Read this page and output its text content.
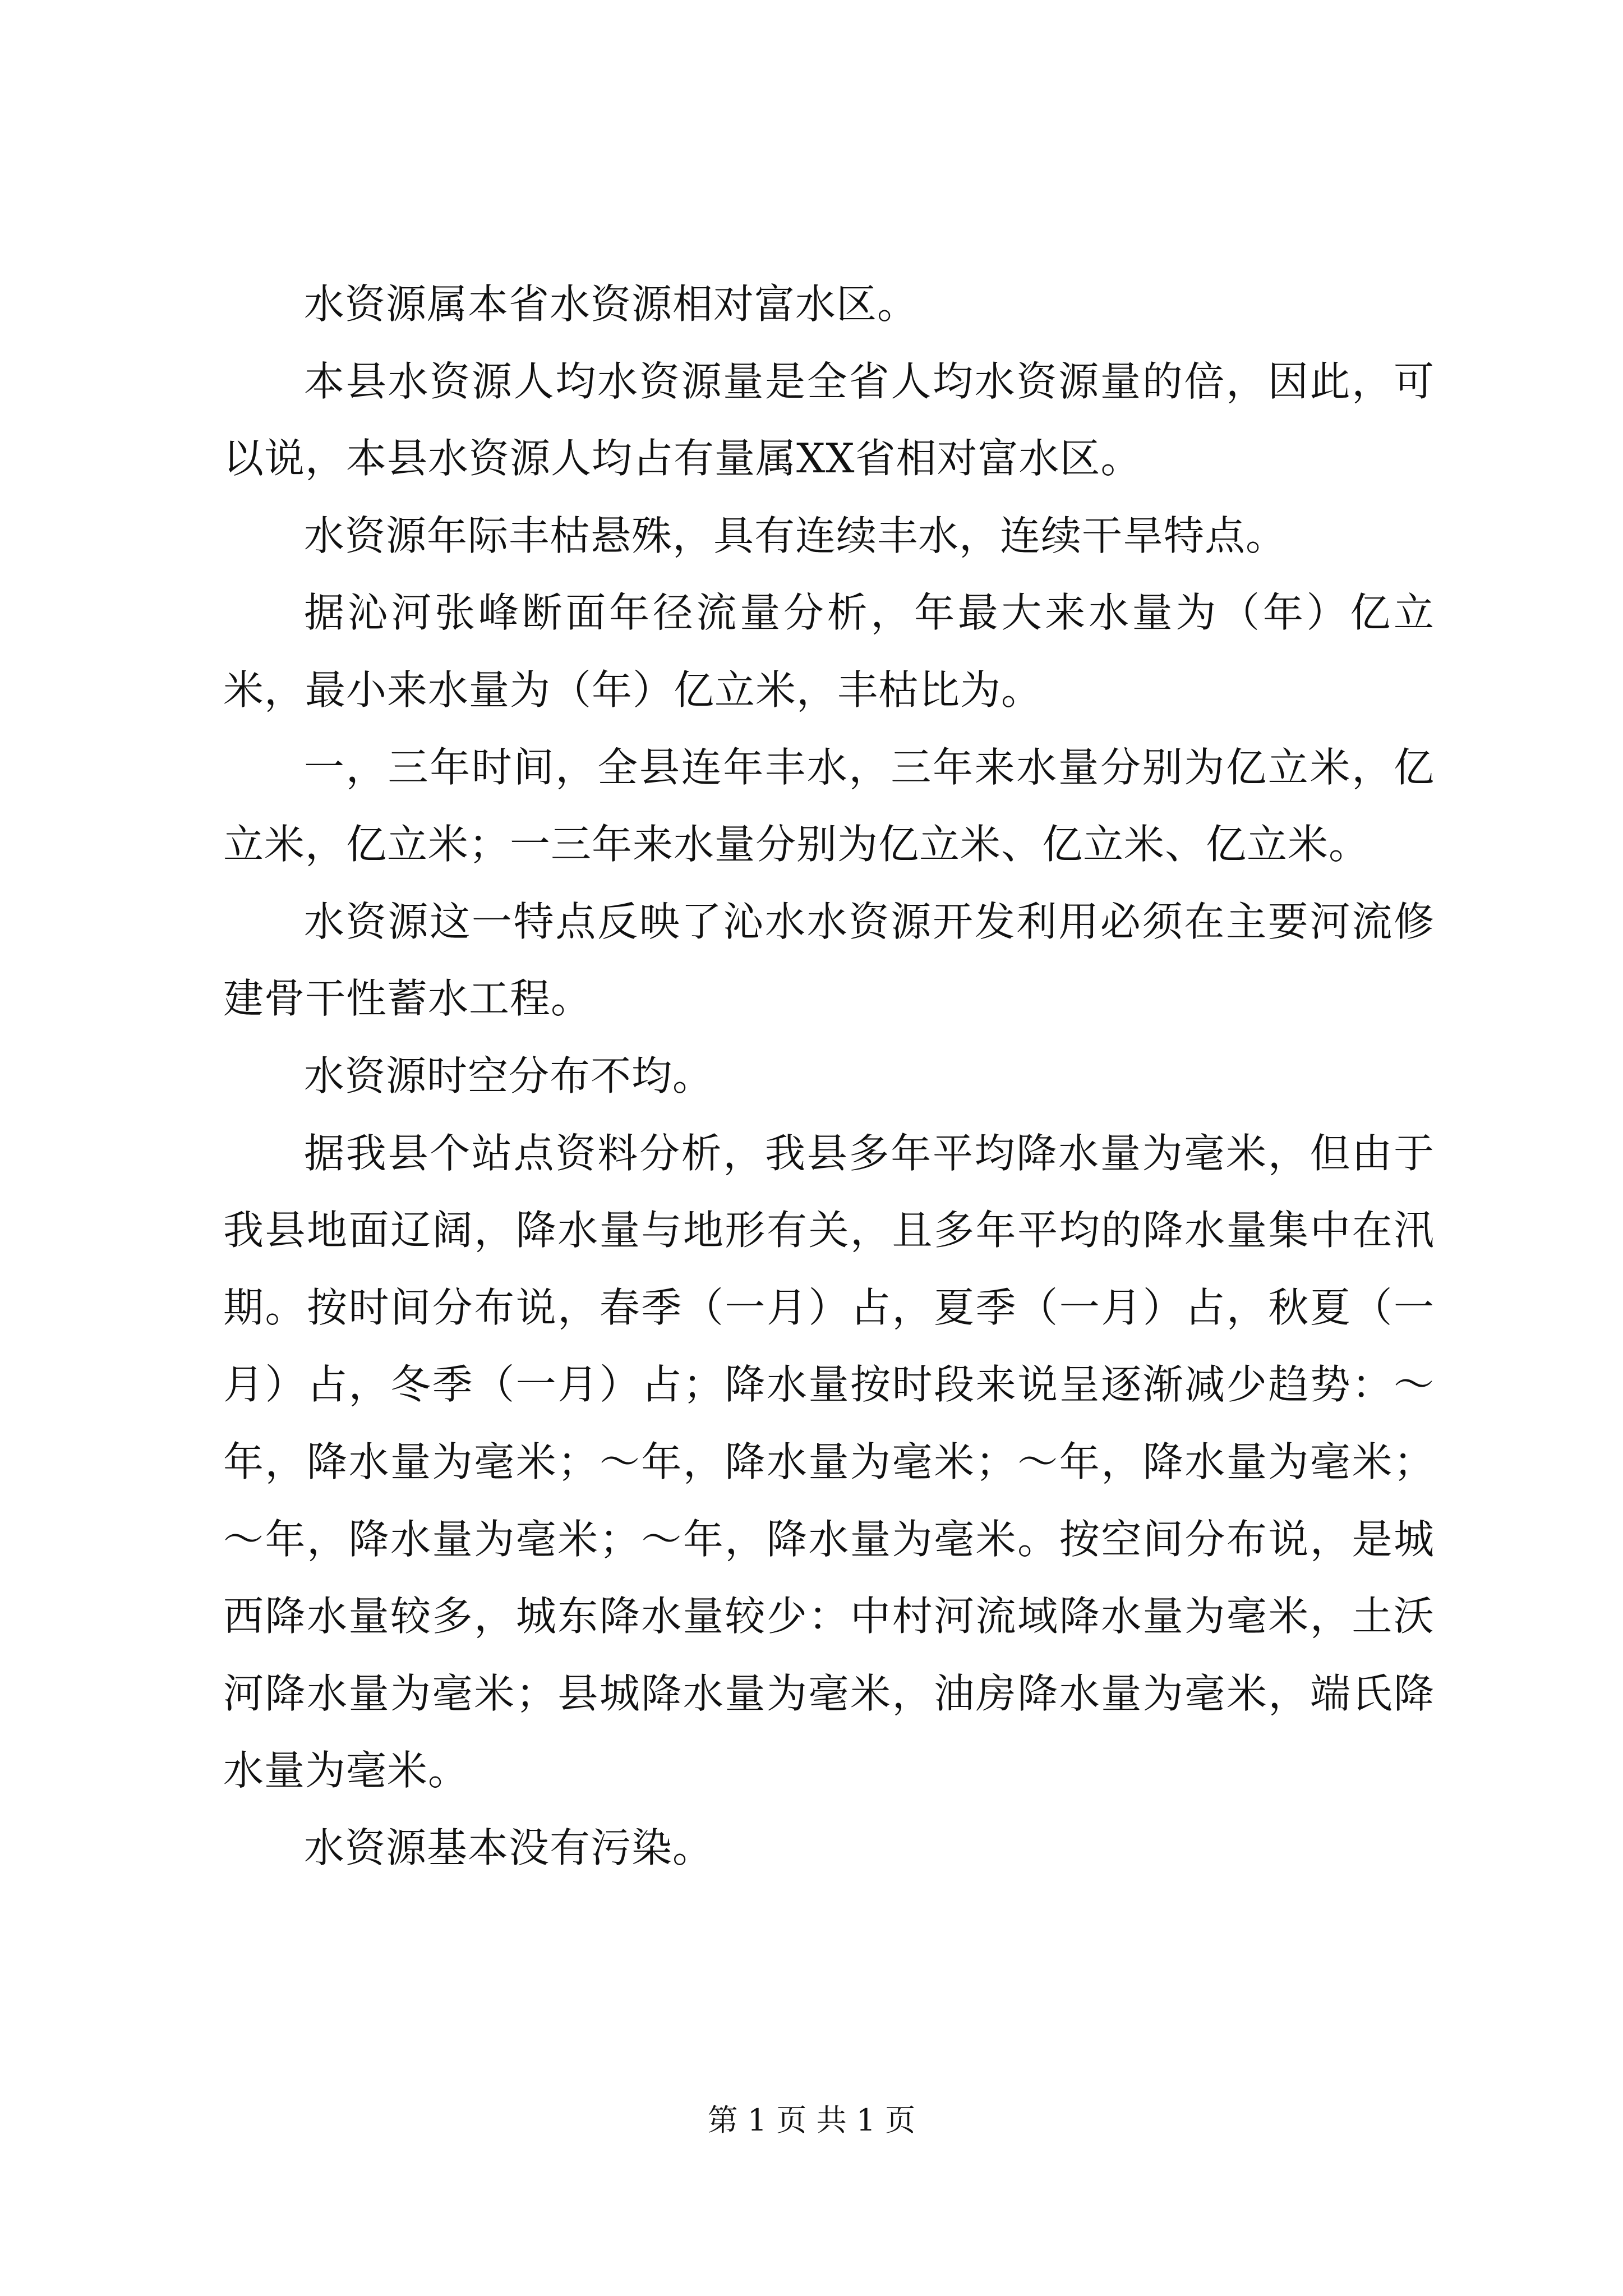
水资源属本省水资源相对富水区。

本县水资源人均水资源量是全省人均水资源量的倍，因此，可以说，本县水资源人均占有量属XX省相对富水区。

水资源年际丰枯悬殊，具有连续丰水，连续干旱特点。

据沁河张峰断面年径流量分析，年最大来水量为（年）亿立米，最小来水量为（年）亿立米，丰枯比为。

一，三年时间，全县连年丰水，三年来水量分别为亿立米，亿立米，亿立米；一三年来水量分别为亿立米、亿立米、亿立米。

水资源这一特点反映了沁水水资源开发利用必须在主要河流修建骨干性蓄水工程。

水资源时空分布不均。

据我县个站点资料分析，我县多年平均降水量为毫米，但由于我县地面辽阔，降水量与地形有关，且多年平均的降水量集中在汛期。按时间分布说，春季（一月）占，夏季（一月）占，秋夏（一月）占，冬季（一月）占；降水量按时段来说呈逐渐减少趋势：～年，降水量为毫米；～年，降水量为毫米；～年，降水量为毫米；～年，降水量为毫米；～年，降水量为毫米。按空间分布说，是城西降水量较多，城东降水量较少：中村河流域降水量为毫米，土沃河降水量为毫米；县城降水量为毫米，油房降水量为毫米，端氏降水量为毫米。

水资源基本没有污染。

第 1 页 共 1 页
